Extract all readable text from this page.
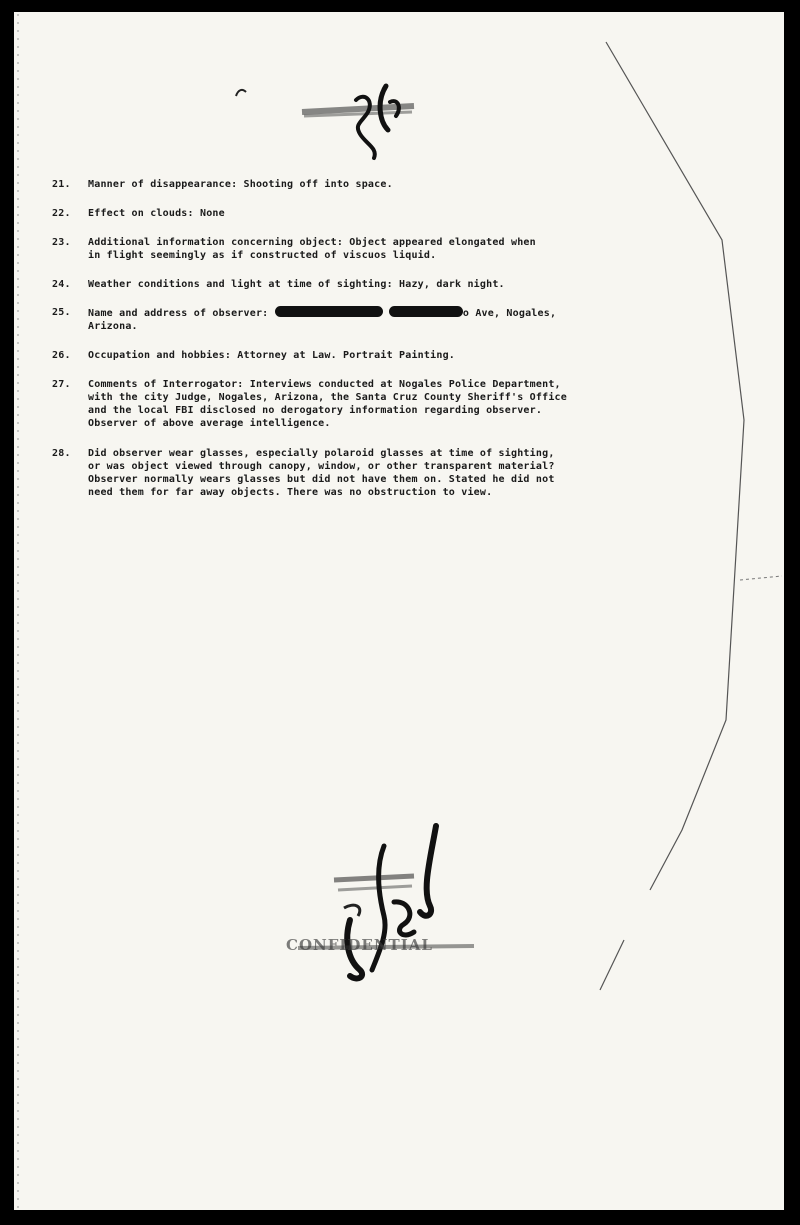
21.	Manner of disappearance: Shooting off into space.
22.	Effect on clouds: None
23.	Additional information concerning object: Object appeared elongated when
in flight seemingly as if constructed of viscuos liquid.
24.	Weather conditions and light at time of sighting: Hazy, dark night.
25.	Name and address of observer:	o Ave, Nogales,
Arizona.
26.	Occupation and hobbies: Attorney at Law. Portrait Painting.
27.	Comments of Interrogator: Interviews conducted at Nogales Police Department,
with the city Judge, Nogales, Arizona, the Santa Cruz County Sheriff's Office
and the local FBI disclosed no derogatory information regarding observer.
Observer of above average intelligence.
28.	Did observer wear glasses, especially polaroid glasses at time of sighting,
or was object viewed through canopy, window, or other transparent material?
Observer normally wears glasses but did not have them on. Stated he did not
need them for far away objects. There was no obstruction to view.
CONFIDENTIAL
